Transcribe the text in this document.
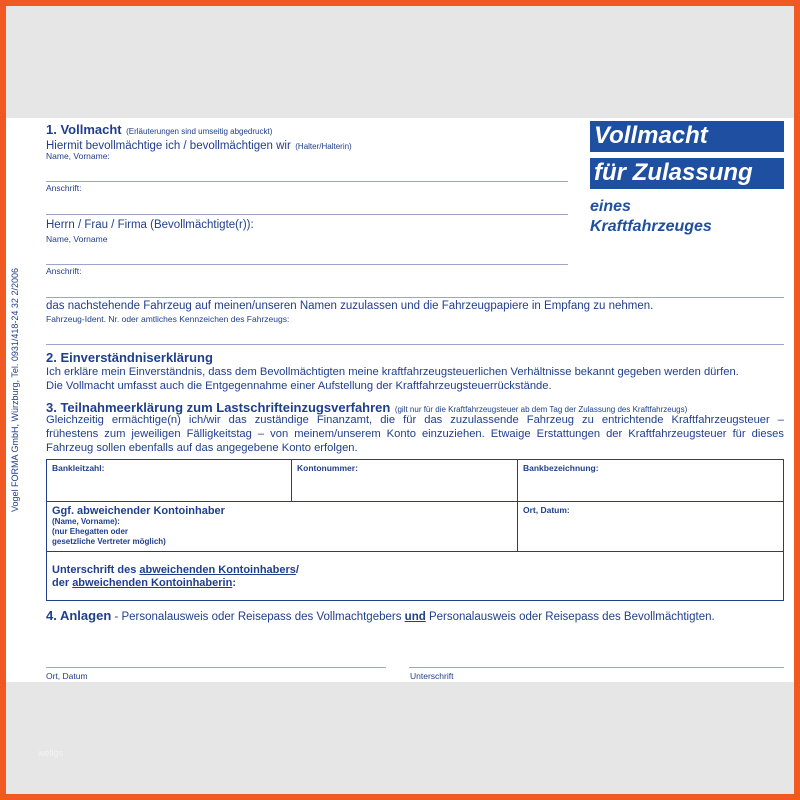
Vollmacht
für Zulassung
eines
Kraftfahrzeuges
1. Vollmacht (Erläuterungen sind umseitig abgedruckt)
Hiermit bevollmächtige ich / bevollmächtigen wir (Halter/Halterin)
Name, Vorname:
Anschrift:
Herrn / Frau / Firma (Bevollmächtigte(r)):
Name, Vorname
Anschrift:
das nachstehende Fahrzeug auf meinen/unseren Namen zuzulassen und die Fahrzeugpapiere in Empfang zu nehmen.
Fahrzeug-Ident. Nr. oder amtliches Kennzeichen des Fahrzeugs:
2. Einverständniserklärung
Ich erkläre mein Einverständnis, dass dem Bevollmächtigten meine kraftfahrzeugsteuerlichen Verhältnisse bekannt gegeben werden dürfen.
Die Vollmacht umfasst auch die Entgegennahme einer Aufstellung der Kraftfahrzeugsteuerrückstände.
3. Teilnahmeerklärung zum Lastschrifteinzugsverfahren (gilt nur für die Kraftfahrzeugsteuer ab dem Tag der Zulassung des Kraftfahrzeugs)
Gleichzeitig ermächtige(n) ich/wir das zuständige Finanzamt, die für das zuzulassende Fahrzeug zu entrichtende Kraftfahrzeugsteuer –
frühestens zum jeweiligen Fälligkeitstag – von meinem/unserem Konto einzuziehen. Etwaige Erstattungen der Kraftfahrzeugsteuer für dieses
Fahrzeug sollen ebenfalls auf das angegebene Konto erfolgen.
Bankleitzahl:	Kontonummer:	Bankbezeichnung:
Ggf. abweichender Kontoinhaber
(Name, Vorname):
(nur Ehegatten oder
gesetzliche Vertreter möglich)
Ort, Datum:
Unterschrift des abweichenden Kontoinhabers/
der abweichenden Kontoinhaberin:
4. Anlagen - Personalausweis oder Reisepass des Vollmachtgebers und Personalausweis oder Reisepass des Bevollmächtigten.
Ort, Datum	Unterschrift
Vogel FORMA GmbH, Würzburg, Tel. 0931/418-24 32 2/2006
wellgs
